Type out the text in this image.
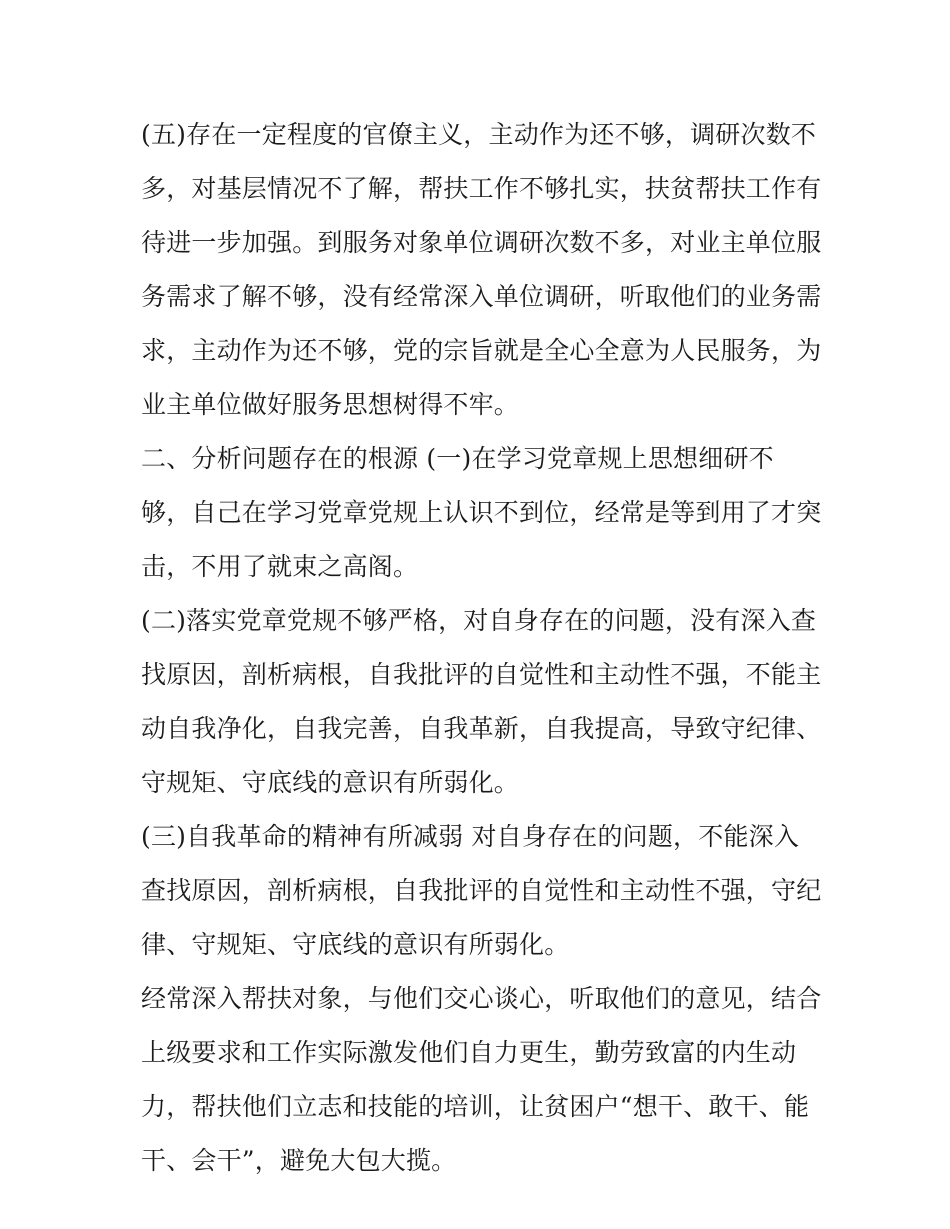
(五)存在一定程度的官僚主义，主动作为还不够，调研次数不
多，对基层情况不了解，帮扶工作不够扎实，扶贫帮扶工作有
待进一步加强。到服务对象单位调研次数不多，对业主单位服
务需求了解不够，没有经常深入单位调研，听取他们的业务需
求，主动作为还不够，党的宗旨就是全心全意为人民服务，为
业主单位做好服务思想树得不牢。
二、分析问题存在的根源 (一)在学习党章规上思想细研不
够，自己在学习党章党规上认识不到位，经常是等到用了才突
击，不用了就束之高阁。
(二)落实党章党规不够严格，对自身存在的问题，没有深入查
找原因，剖析病根，自我批评的自觉性和主动性不强，不能主
动自我净化，自我完善，自我革新，自我提高，导致守纪律、
守规矩、守底线的意识有所弱化。
(三)自我革命的精神有所减弱 对自身存在的问题，不能深入
查找原因，剖析病根，自我批评的自觉性和主动性不强，守纪
律、守规矩、守底线的意识有所弱化。
经常深入帮扶对象，与他们交心谈心，听取他们的意见，结合
上级要求和工作实际激发他们自力更生，勤劳致富的内生动
力，帮扶他们立志和技能的培训，让贫困户“想干、敢干、能
干、会干”，避免大包大揽。
